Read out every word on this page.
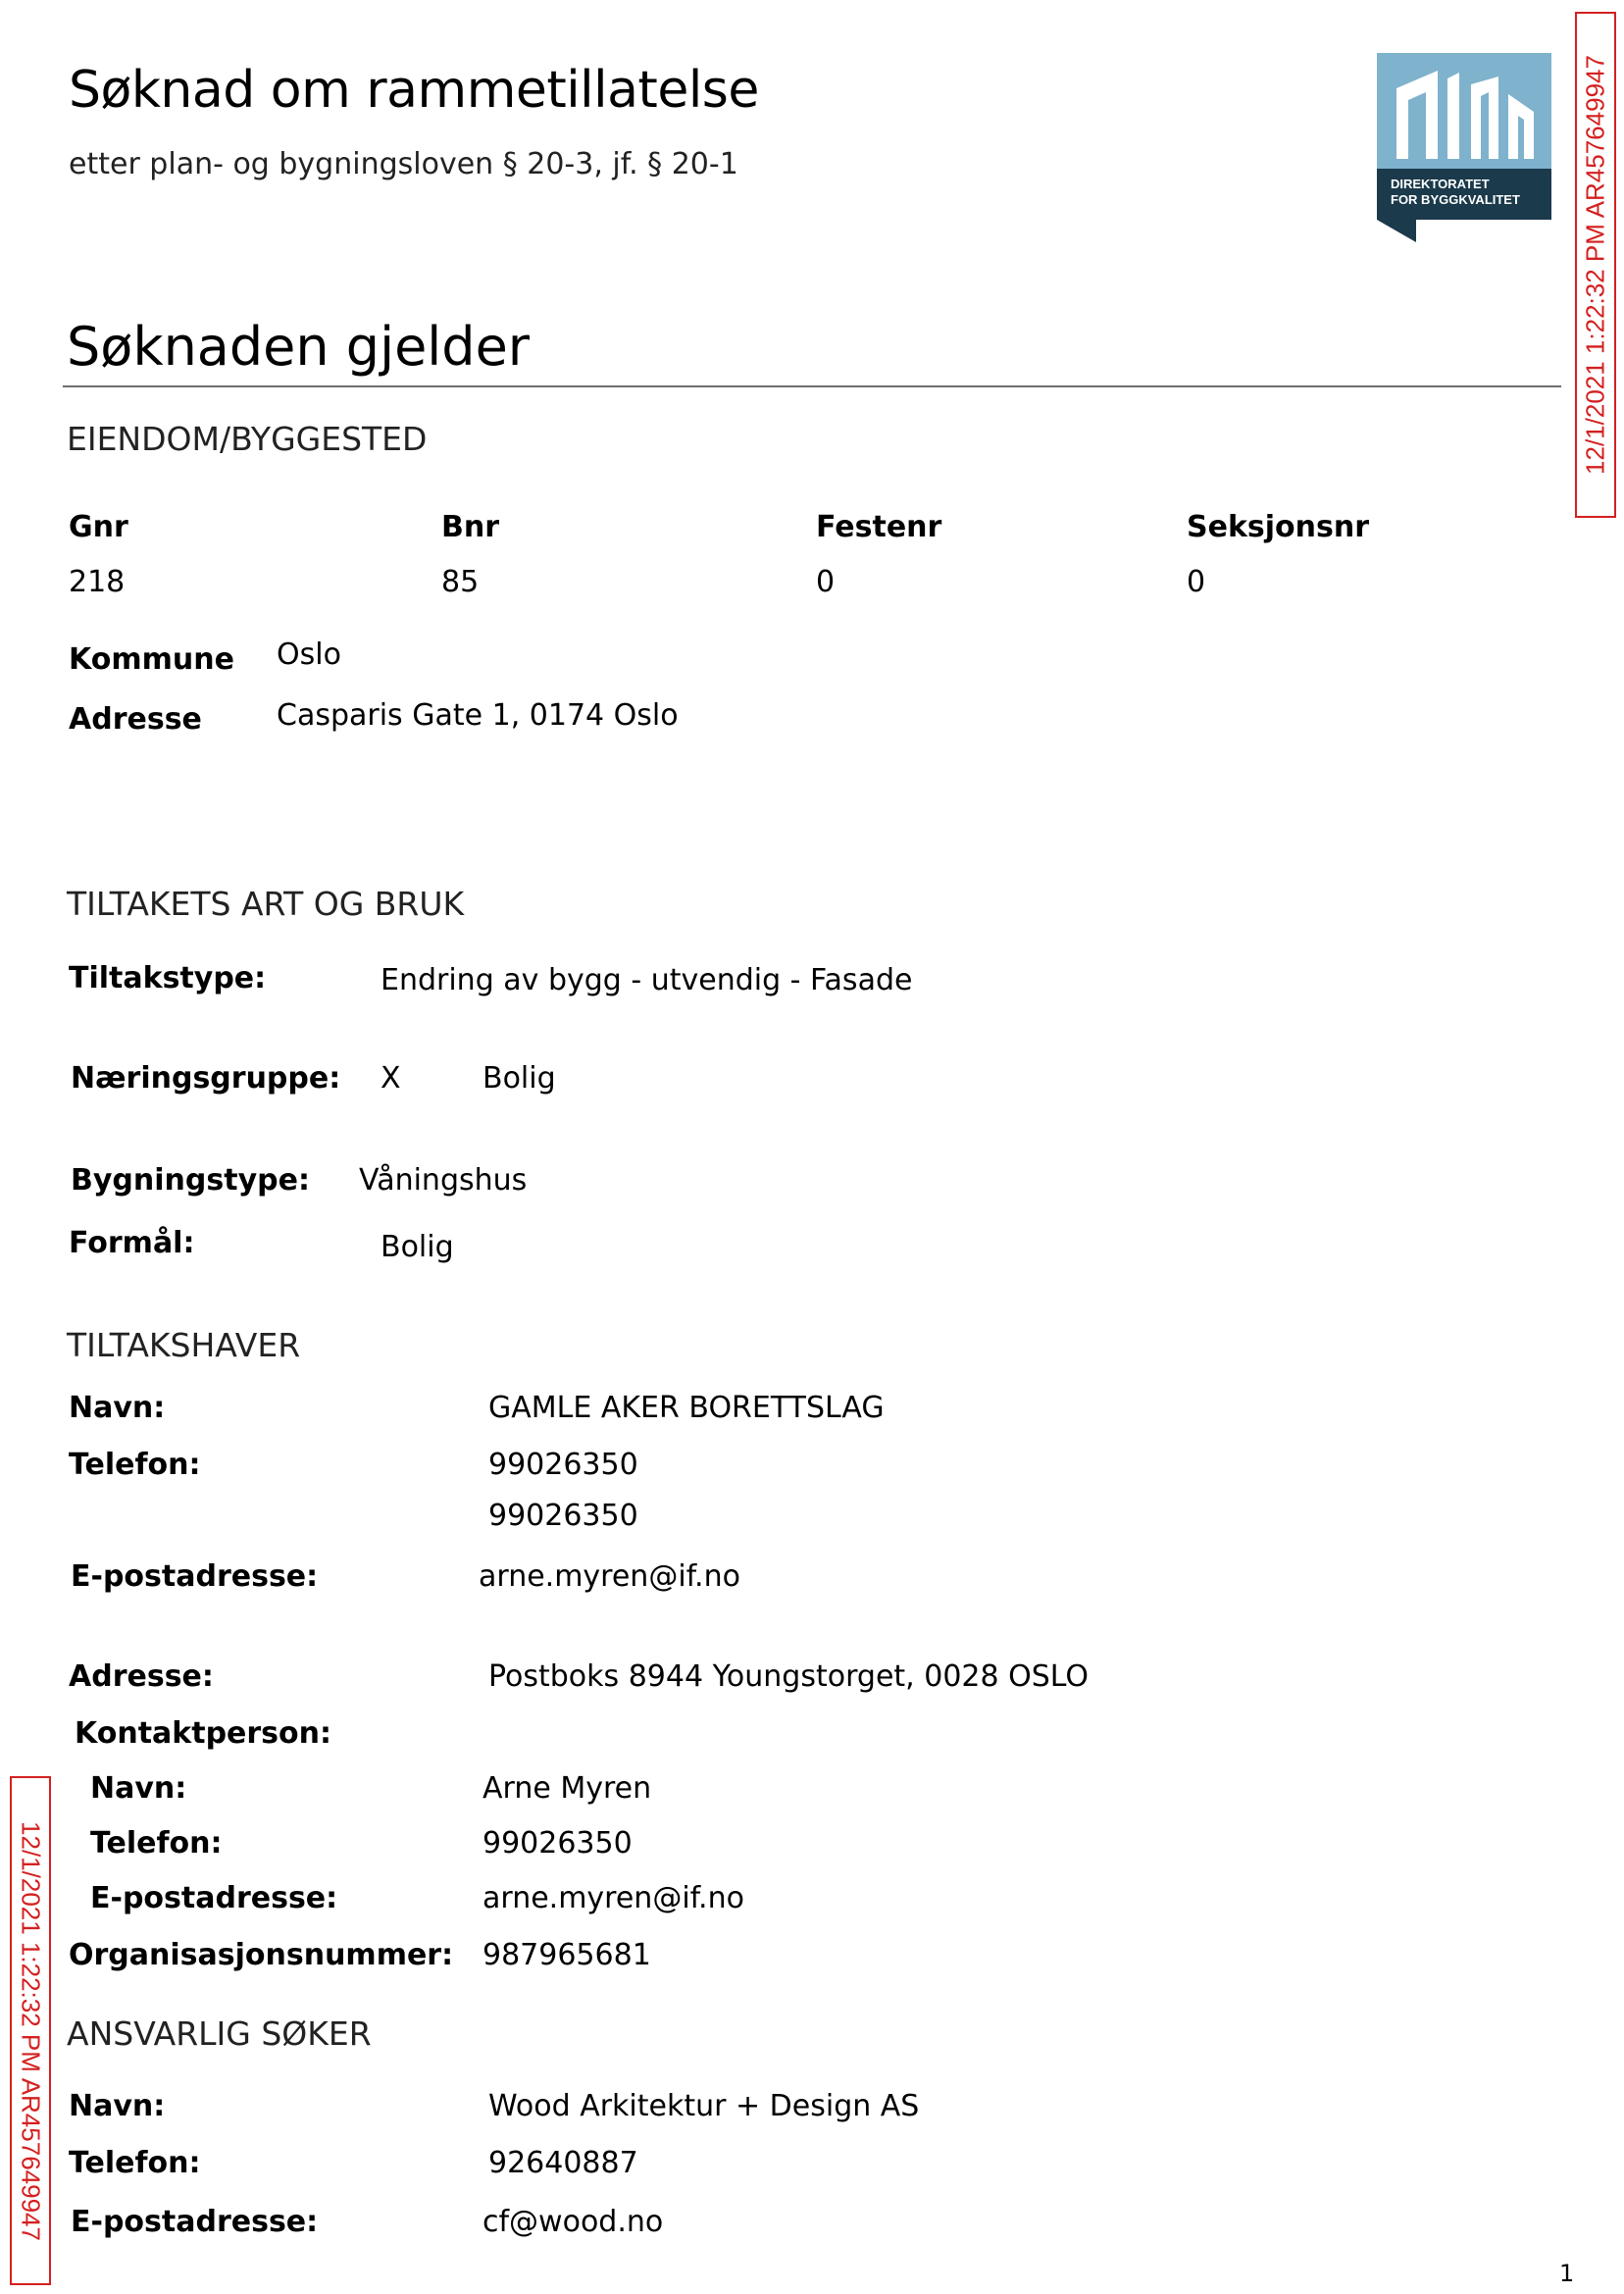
Søknad om rammetillatelse
etter plan- og bygningsloven § 20-3, jf. § 20-1
DIREKTORATET
FOR BYGGKVALITET 12/1/2021 1:22:32 PM AR457649947
12/1/2021 1:22:32 PM AR457649947
Søknaden gjelder
EIENDOM/BYGGESTED
Gnr	Bnr	Festenr	Seksjonsnr
218	85	0	0
Kommune Oslo
Adresse	Casparis Gate 1, 0174 Oslo
TILTAKETS ART OG BRUK
Tiltakstype:	Endring av bygg - utvendig - Fasade
Næringsgruppe: X	Bolig
Bygningstype: Våningshus
Formål:	Bolig
TILTAKSHAVER
Navn:	GAMLE AKER BORETTSLAG
Telefon:	99026350
99026350
E-postadresse:	arne.myren@if.no
Adresse:	Postboks 8944 Youngstorget, 0028 OSLO
Kontaktperson:
Navn:	Arne Myren
Telefon:	99026350
E-postadresse:	arne.myren@if.no
Organisasjonsnummer: 987965681
ANSVARLIG SØKER
Navn:	Wood Arkitektur + Design AS
Telefon:	92640887
E-postadresse:	cf@wood.no
1
